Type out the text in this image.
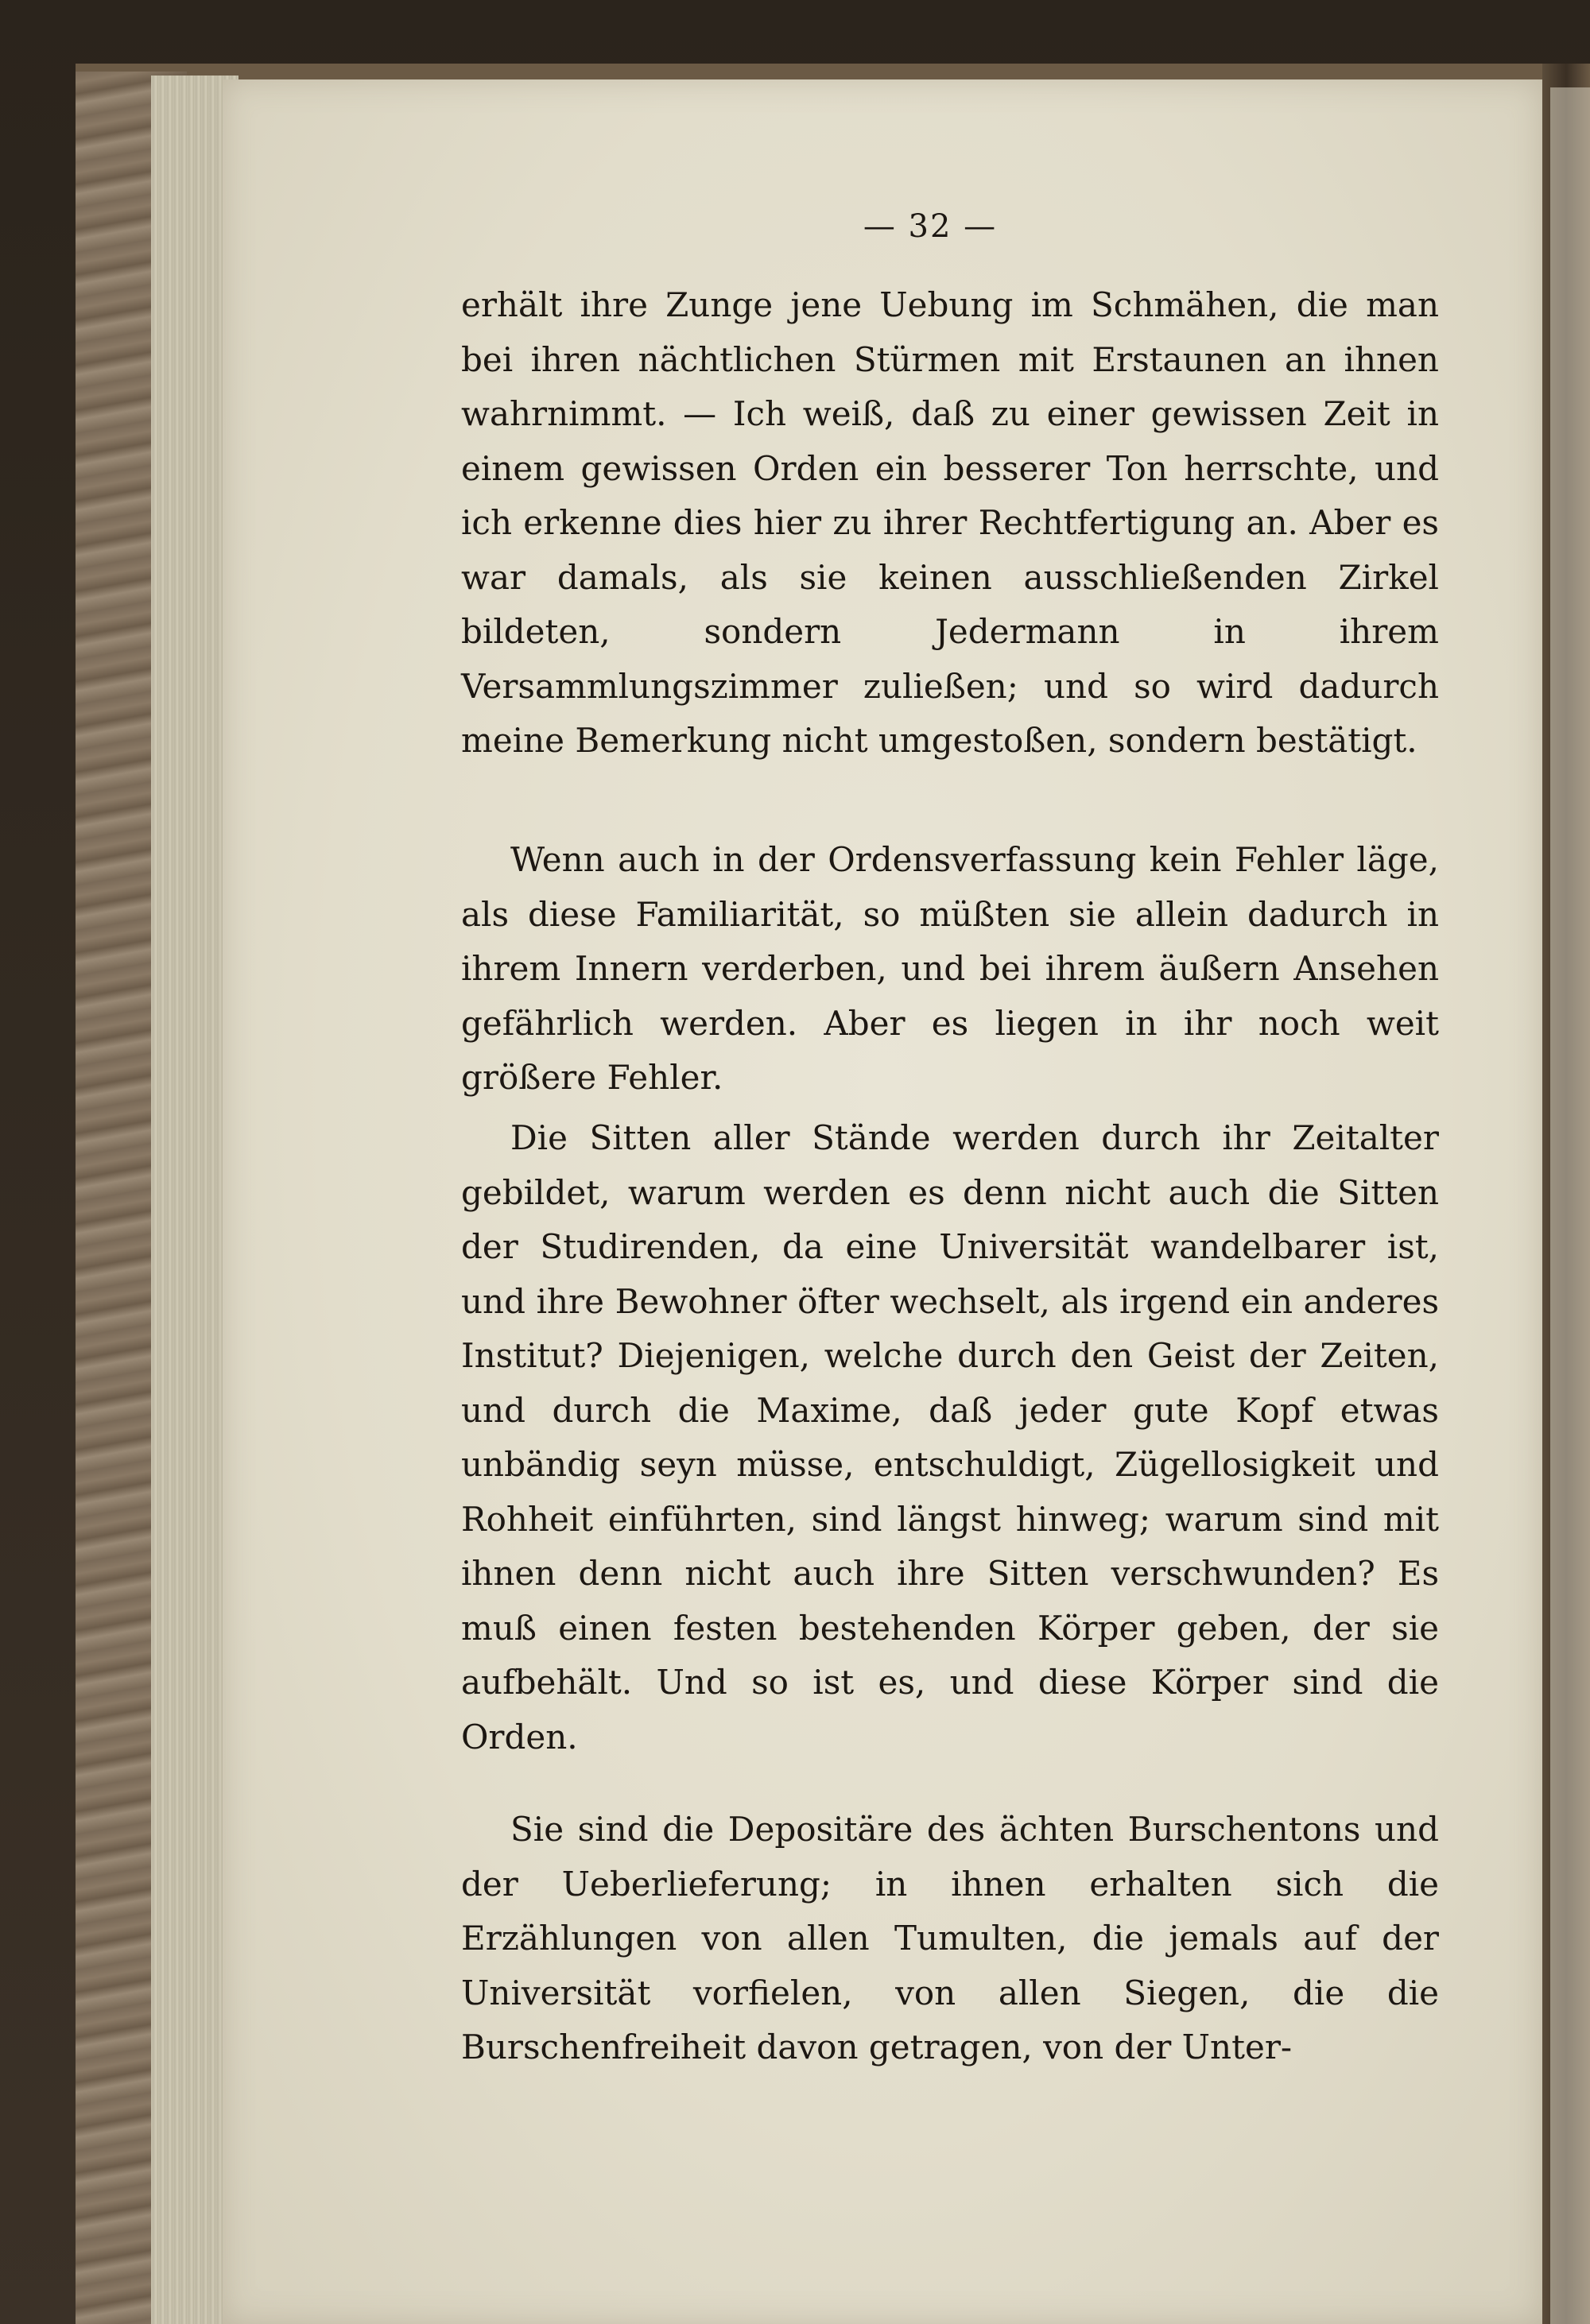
— 32 —

erhält ihre Zunge jene Uebung im Schmähen, die man bei ihren nächtlichen Stürmen mit Erstaunen an ihnen wahrnimmt. — Ich weiß, daß zu einer gewissen Zeit in einem gewissen Orden ein besserer Ton herrschte, und ich erkenne dies hier zu ihrer Rechtfertigung an. Aber es war damals, als sie keinen ausschließenden Zirkel bildeten, sondern Jedermann in ihrem Versammlungszimmer zuließen; und so wird dadurch meine Bemerkung nicht umgestoßen, sondern bestätigt.

Wenn auch in der Ordensverfassung kein Fehler läge, als diese Familiarität, so müßten sie allein dadurch in ihrem Innern verderben, und bei ihrem äußern Ansehen gefährlich werden. Aber es liegen in ihr noch weit größere Fehler.

Die Sitten aller Stände werden durch ihr Zeitalter gebildet, warum werden es denn nicht auch die Sitten der Studirenden, da eine Universität wandelbarer ist, und ihre Bewohner öfter wechselt, als irgend ein anderes Institut? Diejenigen, welche durch den Geist der Zeiten, und durch die Maxime, daß jeder gute Kopf etwas unbändig seyn müsse, entschuldigt, Zügellosigkeit und Rohheit einführten, sind längst hinweg; warum sind mit ihnen denn nicht auch ihre Sitten verschwunden? Es muß einen festen bestehenden Körper geben, der sie aufbehält. Und so ist es, und diese Körper sind die Orden.

Sie sind die Depositäre des ächten Burschentons und der Ueberlieferung; in ihnen erhalten sich die Erzählungen von allen Tumulten, die jemals auf der Universität vorfielen, von allen Siegen, die die Burschenfreiheit davon getragen, von der Unter-
